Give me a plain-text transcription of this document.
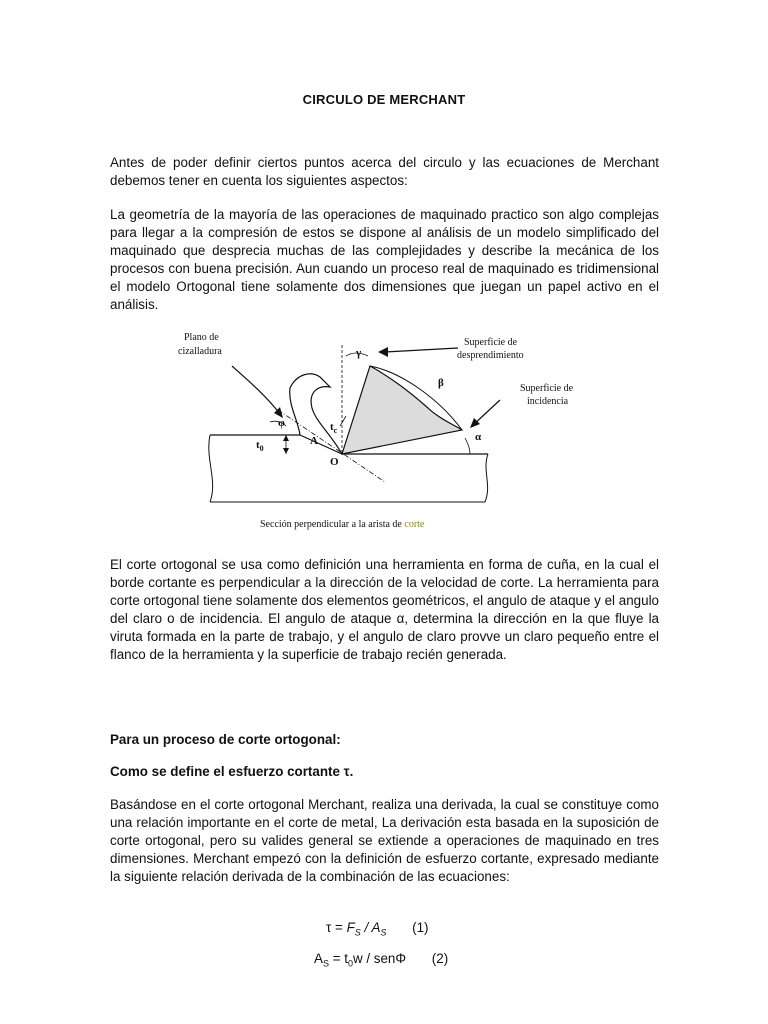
CIRCULO DE MERCHANT
Antes de poder definir ciertos puntos acerca del circulo y las ecuaciones de Merchant debemos tener en cuenta los siguientes aspectos:
La geometría de la mayoría de las operaciones de maquinado practico son algo complejas para llegar a la compresión de estos se dispone al análisis de un modelo simplificado del maquinado que desprecia muchas de las complejidades y describe la mecánica de los procesos con buena precisión. Aun cuando un proceso real de maquinado es tridimensional el modelo Ortogonal tiene solamente dos dimensiones que juegan un papel activo en el análisis.
Plano de
cizalladura
Superficie de
desprendimiento
Superficie de
incidencia
γ
β
α
φ
A
$t_c$
$t_0$
O
Sección perpendicular a la arista de corte
El corte ortogonal se usa como definición una herramienta en forma de cuña, en la cual el borde cortante es perpendicular a la dirección de la velocidad de corte. La herramienta para corte ortogonal tiene solamente dos elementos geométricos, el angulo de ataque y el angulo del claro o de incidencia. El angulo de ataque α, determina la dirección en la que fluye la viruta formada en la parte de trabajo, y el angulo de claro provve un claro pequeño entre el flanco de la herramienta y la superficie de trabajo recién generada.
Para un proceso de corte ortogonal:
Como se define el esfuerzo cortante τ.
Basándose en el corte ortogonal Merchant, realiza una derivada, la cual se constituye como una relación importante en el corte de metal, La derivación esta basada en la suposición de corte ortogonal, pero su valides general se extiende a operaciones de maquinado en tres dimensiones. Merchant empezó con la definición de esfuerzo cortante, expresado mediante la siguiente relación derivada de la combinación de las ecuaciones:
$\tau = F_S / A_S$ (1)
$A_S = t_0w / sen\Phi$ (2)
